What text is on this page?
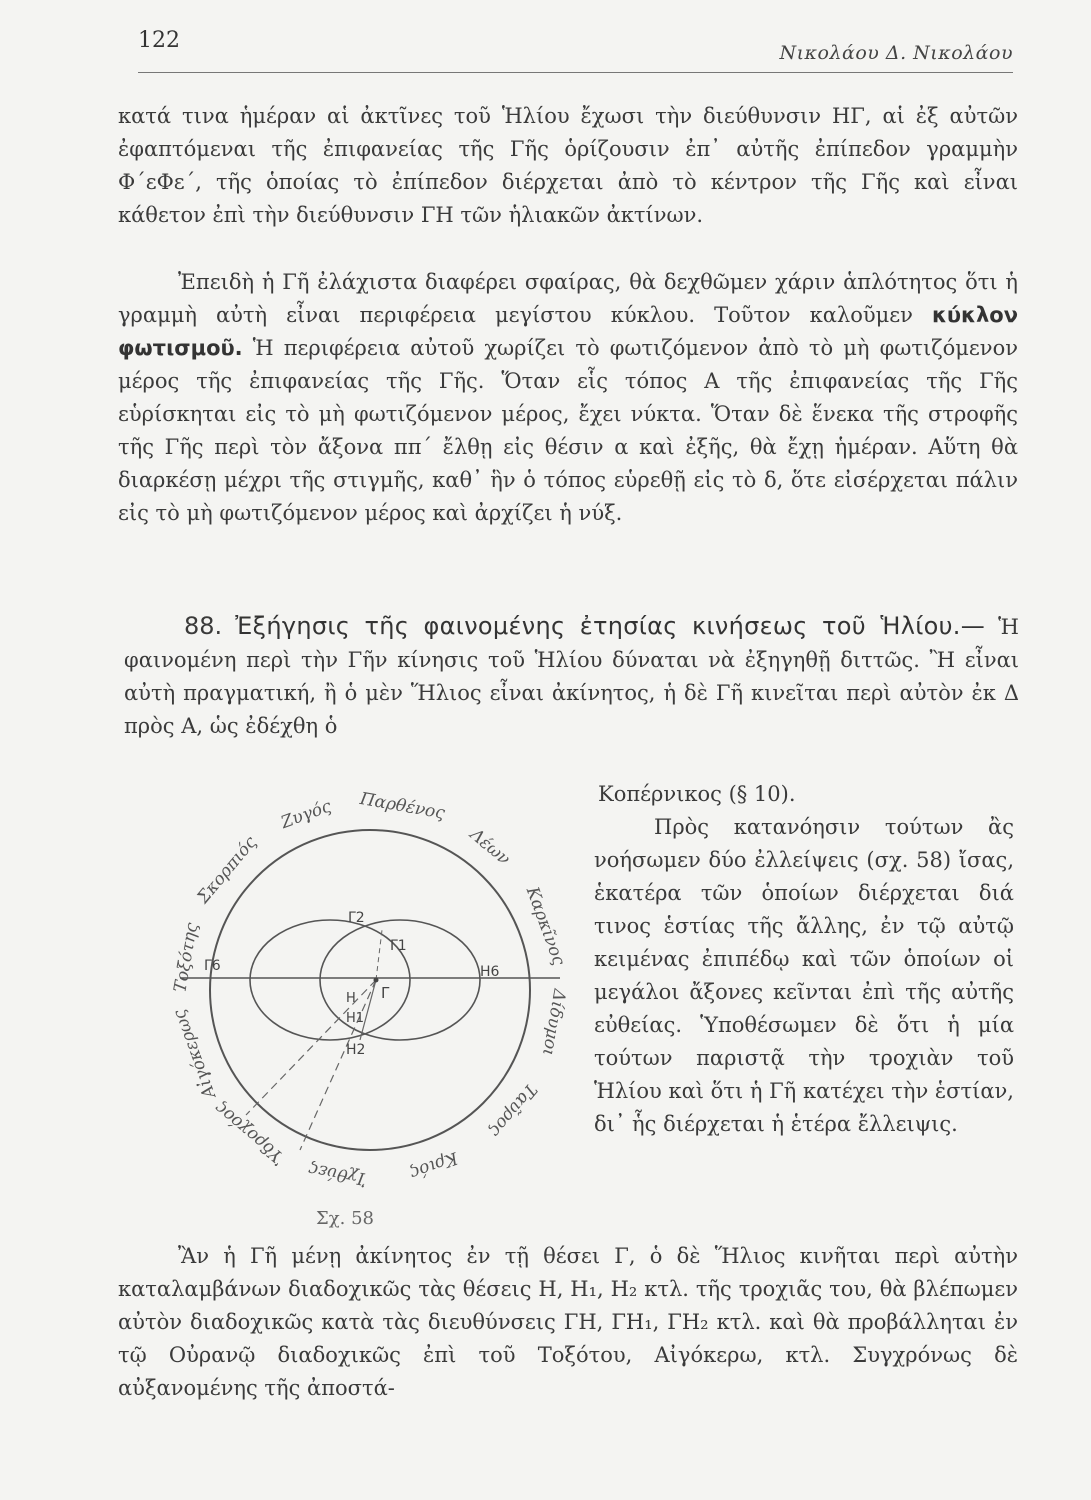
122	Νικολάου Δ. Νικολάου

κατά τινα ἡμέραν αἱ ἀκτῖνες τοῦ Ἡλίου ἔχωσι τὴν διεύθυνσιν ΗΓ, αἱ ἐξ αὐτῶν ἐφαπτόμεναι τῆς ἐπιφανείας τῆς Γῆς ὁρίζουσιν ἐπ᾽ αὐτῆς ἐπίπεδον γραμμὴν Φ΄εΦε΄, τῆς ὁποίας τὸ ἐπίπεδον διέρχεται ἀπὸ τὸ κέντρον τῆς Γῆς καὶ εἶναι κάθετον ἐπὶ τὴν διεύθυνσιν ΓΗ τῶν ἡλιακῶν ἀκτίνων.

Ἐπειδὴ ἡ Γῆ ἐλάχιστα διαφέρει σφαίρας, θὰ δεχθῶμεν χάριν ἁπλότητος ὅτι ἡ γραμμὴ αὐτὴ εἶναι περιφέρεια μεγίστου κύκλου. Τοῦτον καλοῦμεν κύκλον φωτισμοῦ. Ἡ περιφέρεια αὐτοῦ χωρίζει τὸ φωτιζόμενον ἀπὸ τὸ μὴ φωτιζόμενον μέρος τῆς ἐπιφανείας τῆς Γῆς. Ὅταν εἷς τόπος Α τῆς ἐπιφανείας τῆς Γῆς εὑρίσκηται εἰς τὸ μὴ φωτιζόμενον μέρος, ἔχει νύκτα. Ὅταν δὲ ἕνεκα τῆς στροφῆς τῆς Γῆς περὶ τὸν ἄξονα ππ΄ ἔλθῃ εἰς θέσιν α καὶ ἐξῆς, θὰ ἔχῃ ἡμέραν. Αὕτη θὰ διαρκέσῃ μέχρι τῆς στιγμῆς, καθ᾽ ἣν ὁ τόπος εὑρεθῇ εἰς τὸ δ, ὅτε εἰσέρχεται πάλιν εἰς τὸ μὴ φωτιζόμενον μέρος καὶ ἀρχίζει ἡ νύξ.

88. Ἐξήγησις τῆς φαινομένης ἐτησίας κινήσεως τοῦ Ἡλίου.— Ἡ φαινομένη περὶ τὴν Γῆν κίνησις τοῦ Ἡλίου δύναται νὰ ἐξηγηθῇ διττῶς. Ἢ εἶναι αὐτὴ πραγματική, ἢ ὁ μὲν Ἥλιος εἶναι ἀκίνητος, ἡ δὲ Γῆ κινεῖται περὶ αὐτὸν ἐκ Δ πρὸς Α, ὡς ἐδέχθη ὁ

Γ
Γ1
Γ2
Γ6
Η
Η1
Η2
Η6
Παρθένος
Λέων
Καρκῖνος
Δίδυμοι
Ταῦρος
Κριός
Ἰχθύες
Ὑδροχόος
Αἰγόκερως
Τοξότης
Σκορπιός
Ζυγός
Σχ. 58

Κοπέρνικος (§ 10).
Πρὸς κατανόησιν τούτων ἂς νοήσωμεν δύο ἐλλείψεις (σχ. 58) ἴσας, ἑκατέρα τῶν ὁποίων διέρχεται διά τινος ἑστίας τῆς ἄλλης, ἐν τῷ αὐτῷ κειμένας ἐπιπέδῳ καὶ τῶν ὁποίων οἱ μεγάλοι ἄξονες κεῖνται ἐπὶ τῆς αὐτῆς εὐθείας. Ὑποθέσωμεν δὲ ὅτι ἡ μία τούτων παριστᾷ τὴν τροχιὰν τοῦ Ἡλίου καὶ ὅτι ἡ Γῆ κατέχει τὴν ἑστίαν, δι᾽ ἧς διέρχεται ἡ ἑτέρα ἔλλειψις.

Ἂν ἡ Γῆ μένῃ ἀκίνητος ἐν τῇ θέσει Γ, ὁ δὲ Ἥλιος κινῆται περὶ αὐτὴν καταλαμβάνων διαδοχικῶς τὰς θέσεις Η, Η₁, Η₂ κτλ. τῆς τροχιᾶς του, θὰ βλέπωμεν αὐτὸν διαδοχικῶς κατὰ τὰς διευθύνσεις ΓΗ, ΓΗ₁, ΓΗ₂ κτλ. καὶ θὰ προβάλληται ἐν τῷ Οὐρανῷ διαδοχικῶς ἐπὶ τοῦ Τοξότου, Αἰγόκερω, κτλ. Συγχρόνως δὲ αὐξανομένης τῆς ἀποστά-
